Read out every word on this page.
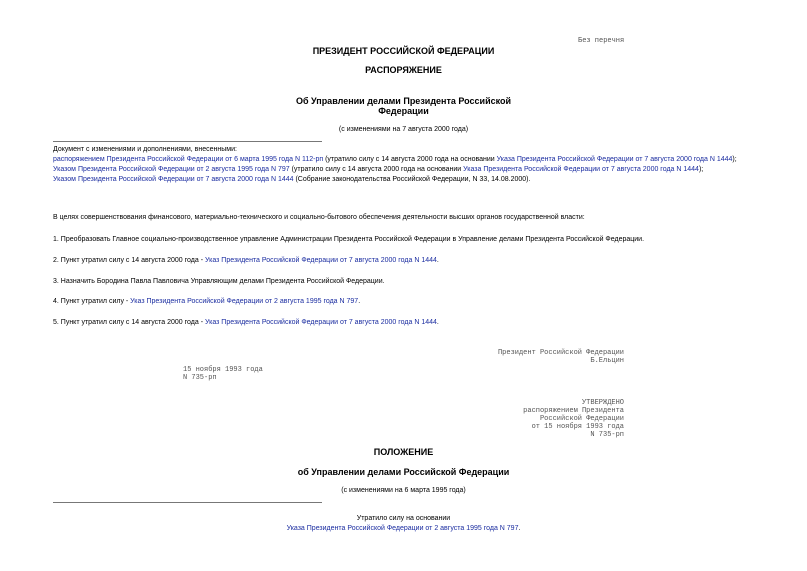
Без перечня
ПРЕЗИДЕНТ РОССИЙСКОЙ ФЕДЕРАЦИИ
РАСПОРЯЖЕНИЕ
Об Управлении делами Президента Российской
Федерации
(с изменениями на 7 августа 2000 года)
Документ с изменениями и дополнениями, внесенными:
распоряжением Президента Российской Федерации от 6 марта 1995 года N 112-рп (утратило силу с 14 августа 2000 года на основании Указа Президента Российской Федерации от 7 августа 2000 года N 1444);
Указом Президента Российской Федерации от 2 августа 1995 года N 797 (утратило силу с 14 августа 2000 года на основании Указа Президента Российской Федерации от 7 августа 2000 года N 1444);
Указом Президента Российской Федерации от 7 августа 2000 года N 1444 (Собрание законодательства Российской Федерации, N 33, 14.08.2000).
В целях совершенствования финансового, материально-технического и социально-бытового обеспечения деятельности высших органов государственной власти:
1. Преобразовать Главное социально-производственное управление Администрации Президента Российской Федерации в Управление делами Президента Российской Федерации.
2. Пункт утратил силу с 14 августа 2000 года - Указ Президента Российской Федерации от 7 августа 2000 года N 1444.
3. Назначить Бородина Павла Павловича Управляющим делами Президента Российской Федерации.
4. Пункт утратил силу - Указ Президента Российской Федерации от 2 августа 1995 года N 797.
5. Пункт утратил силу с 14 августа 2000 года - Указ Президента Российской Федерации от 7 августа 2000 года N 1444.
Президент Российской Федерации
Б.Ельцин
15 ноября 1993 года
N 735-рп
УТВЕРЖДЕНО
распоряжением Президента
Российской Федерации
от 15 ноября 1993 года
N 735-рп
ПОЛОЖЕНИЕ
об Управлении делами Российской Федерации
(с изменениями на 6 марта 1995 года)
Утратило силу на основании
Указа Президента Российской Федерации от 2 августа 1995 года N 797.
